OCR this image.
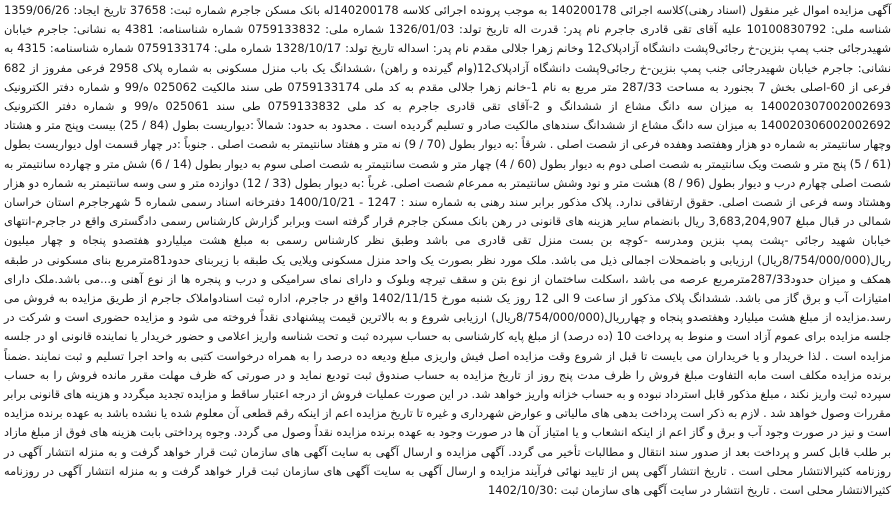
آگهی مزایده اموال غیر منقول (اسناد رهنی)کلاسه اجرائی 140200178 به موجب پرونده اجرائی کلاسه 140200178له بانک مسکن جاجرم شماره ثبت: 37658 تاریخ ایجاد: 1359/06/26 شناسه ملی: 10100830792 علیه آقای تقی قادری جاجرم نام پدر: قدرت اله تاریخ تولد: 1326/01/03 شماره ملی: 0759133832 شماره شناسنامه: 4381 به نشانی: جاجرم خیابان شهیدرجائی جنب پمپ بنزین-خ رجائی9پشت دانشگاه آزادپلاک12 وخانم زهرا جلالی مقدم نام پدر: اسداله تاریخ تولد: 1328/10/17 شماره ملی: 0759133174 شماره شناسنامه: 4315 به نشانی: جاجرم خیابان شهیدرجائی جنب پمپ بنزین-خ رجائی9پشت دانشگاه آزادپلاک12(وام گیرنده و راهن) ،ششدانگ یک باب منزل مسکونی به شماره پلاک 2958 فرعی مفروز از 682 فرعی از 60-اصلی بخش 7 بجنورد به مساحت 287/33 متر مربع به نام 1-خانم زهرا جلالی مقدم به کد ملی 0759133174 طی سند مالکیت 025062 ه/99 و شماره دفتر الکترونیک 140020307002002693 به میزان سه دانگ مشاع از ششدانگ و 2-آقای تقی قادری جاجرم به کد ملی 0759133832 طی سند 025061 ه/99 و شماره دفتر الکترونیک 140020306002002692 به میزان سه دانگ مشاع از ششدانگ سندهای مالکیت صادر و تسلیم گردیده است . محدود به حدود: شمالاً :دیواریست بطول (84 / 25) بیست وپنج متر و هشتاد وچهار سانتیمتر به شماره دو هزار وهفتصد وهفده فرعی از شصت اصلی . شرقاً :به دیوار بطول (70 / 9) نه متر و هفتاد سانتیمتر به شصت اصلی . جنوباً :در چهار قسمت اول دیواریست بطول (61 / 5) پنج متر و شصت ویک سانتیمتر به شصت اصلی دوم به دیوار بطول (60 / 4) چهار متر و شصت سانتیمتر به شصت اصلی سوم به دیوار بطول (14 / 6) شش متر و چهارده سانتیمتر به شصت اصلی چهارم درب و دیوار بطول (96 / 8) هشت متر و نود وشش سانتیمتر به ممرعام شصت اصلی. غرباً :به دیوار بطول (33 / 12) دوازده متر و سی وسه سانتیمتر به شماره دو هزار وهشتاد وسه فرعی از شصت اصلی. حقوق ارتفاقی ندارد. پلاک مذکور برابر سند رهنی به شماره سند : 1247 - 1400/10/21 دفترخانه اسناد رسمی شماره 5 شهرجاجرم استان خراسان شمالی در قبال مبلغ 3,683,204,907 ریال بانضمام سایر هزینه های قانونی در رهن بانک مسکن جاجرم قرار گرفته است وبرابر گزارش کارشناس رسمی دادگستری واقع در جاجرم-انتهای خیابان شهید رجائی -پشت پمپ بنزین ومدرسه -کوچه بن بست منزل تقی قادری می باشد وطبق نظر کارشناس رسمی به مبلغ هشت میلیاردو هفتصدو پنجاه و چهار میلیون ریال(8/754/000/000ریال) ارزیابی و باضمحلات اجمالی ذیل می باشد. ملک مورد نظر بصورت یک واحد منزل مسکونی ویلایی یک طبقه با زیربنای حدود81مترمربع بنای مسکونی در طبقه همکف و میزان حدود287/33مترمربع عرصه می باشد ،اسکلت ساختمان از نوع بتن و سقف تیرچه وبلوک و دارای نمای سرامیکی و درب و پنجره ها از نوع آهنی و...می باشد.ملک دارای امتیازات آب و برق گاز می باشد. ششدانگ پلاک مذکور از ساعت 9 الی 12 روز یک شنبه مورخ 1402/11/15 واقع در جاجرم، اداره ثبت اسنادواملاک جاجرم از طریق مزایده به فروش می رسد.مزایده از مبلغ هشت میلیارد وهفتصدو پنجاه و چهارریال(8/754/000/000ریال) ارزیابی شروع و به بالاترین قیمت پیشنهادی نقداً فروخته می شود و مزایده حضوری است و شرکت در جلسه مزایده برای عموم آزاد است و منوط به پرداخت 10 (ده درصد) از مبلغ پایه کارشناسی به حساب سپرده ثبت و تحت شناسه واریز اعلامی و حضور خریدار یا نماینده قانونی او در جلسه مزایده است . لذا خریدار و یا خریداران می بایست تا قبل از شروع وقت مزایده اصل فیش واریزی مبلغ ودیعه ده درصد را به همراه درخواست کتبی به واحد اجرا تسلیم و ثبت نمایند .ضمناً برنده مزایده مکلف است مابه التفاوت مبلغ فروش را ظرف مدت پنج روز از تاریخ مزایده به حساب صندوق ثبت تودیع نماید و در صورتی که ظرف مهلت مقرر مانده فروش را به حساب سپرده ثبت واریز نکند ، مبلغ مذکور قابل استرداد نبوده و به حساب خزانه واریز خواهد شد. در این صورت عملیات فروش از درجه اعتبار ساقط و مزایده تجدید میگردد و هزینه های قانونی برابر مقررات وصول خواهد شد . لازم به ذکر است پرداخت بدهی های مالیاتی و عوارض شهرداری و غیره تا تاریخ مزایده اعم از اینکه رقم قطعی آن معلوم شده یا نشده باشد به عهده برنده مزایده است و نیز در صورت وجود آب و برق و گاز اعم از اینکه انشعاب و یا امتیاز آن ها در صورت وجود به عهده برنده مزایده نقداً وصول می گردد. وجوه پرداختی بابت هزینه های فوق از مبلغ مازاد بر طلب قابل کسر و پرداخت بعد از صدور سند انتقال و مطالبات تأخیر می گردد. آگهی مزایده و ارسال آگهی به سایت آگهی های سازمان ثبت قرار خواهد گرفت و به منزله انتشار آگهی در روزنامه کثیرالانتشار محلی است . تاریخ انتشار آگهی پس از تایید نهائی فرآیند مزایده و ارسال آگهی به سایت آگهی های سازمان ثبت قرار خواهد گرفت و به منزله انتشار آگهی در روزنامه کثیرالانتشار محلی است . تاریخ انتشار در سایت آگهی های سازمان ثبت :1402/10/30
